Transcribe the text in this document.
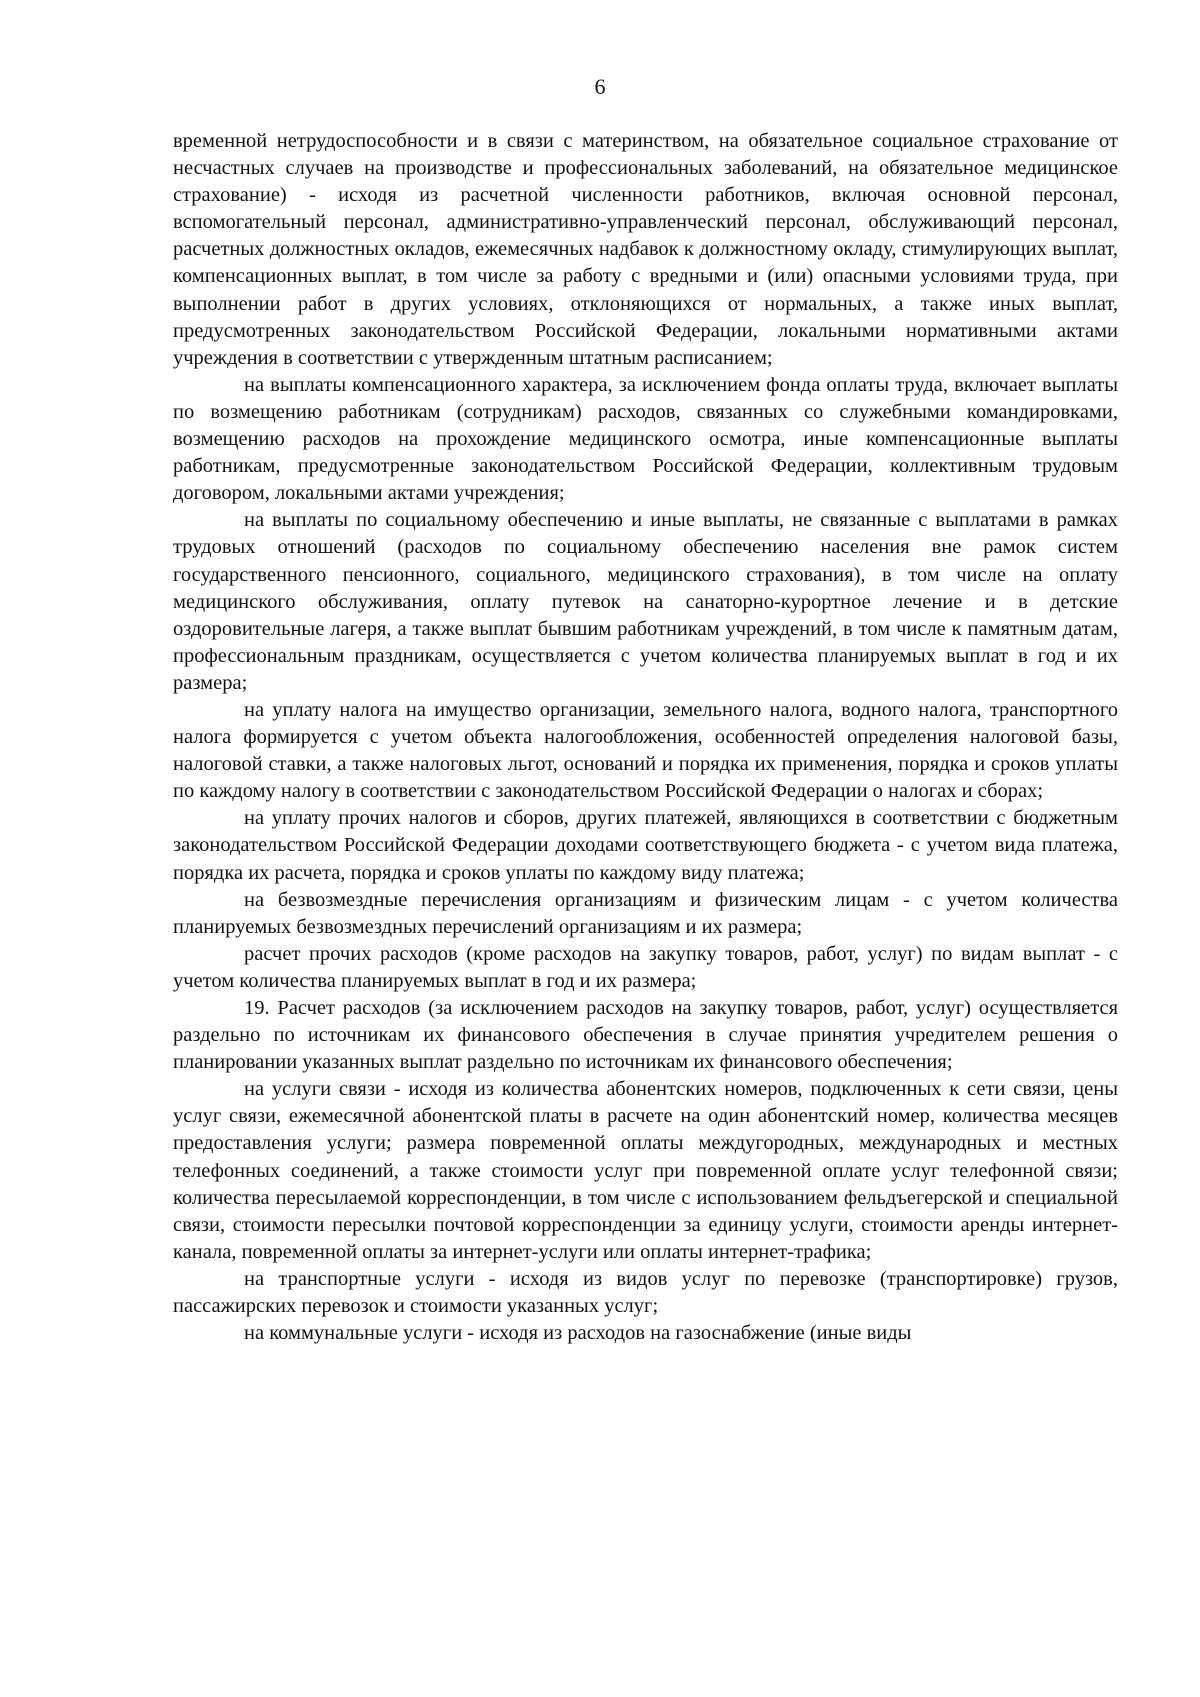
6

временной нетрудоспособности и в связи с материнством, на обязательное социальное страхование от несчастных случаев на производстве и профессиональных заболеваний, на обязательное медицинское страхование) - исходя из расчетной численности работников, включая основной персонал, вспомогательный персонал, административно-управленческий персонал, обслуживающий персонал, расчетных должностных окладов, ежемесячных надбавок к должностному окладу, стимулирующих выплат, компенсационных выплат, в том числе за работу с вредными и (или) опасными условиями труда, при выполнении работ в других условиях, отклоняющихся от нормальных, а также иных выплат, предусмотренных законодательством Российской Федерации, локальными нормативными актами учреждения в соответствии с утвержденным штатным расписанием;

на выплаты компенсационного характера, за исключением фонда оплаты труда, включает выплаты по возмещению работникам (сотрудникам) расходов, связанных со служебными командировками, возмещению расходов на прохождение медицинского осмотра, иные компенсационные выплаты работникам, предусмотренные законодательством Российской Федерации, коллективным трудовым договором, локальными актами учреждения;

на выплаты по социальному обеспечению и иные выплаты, не связанные с выплатами в рамках трудовых отношений (расходов по социальному обеспечению населения вне рамок систем государственного пенсионного, социального, медицинского страхования), в том числе на оплату медицинского обслуживания, оплату путевок на санаторно-курортное лечение и в детские оздоровительные лагеря, а также выплат бывшим работникам учреждений, в том числе к памятным датам, профессиональным праздникам, осуществляется с учетом количества планируемых выплат в год и их размера;

на уплату налога на имущество организации, земельного налога, водного налога, транспортного налога формируется с учетом объекта налогообложения, особенностей определения налоговой базы, налоговой ставки, а также налоговых льгот, оснований и порядка их применения, порядка и сроков уплаты по каждому налогу в соответствии с законодательством Российской Федерации о налогах и сборах;

на уплату прочих налогов и сборов, других платежей, являющихся в соответствии с бюджетным законодательством Российской Федерации доходами соответствующего бюджета - с учетом вида платежа, порядка их расчета, порядка и сроков уплаты по каждому виду платежа;

на безвозмездные перечисления организациям и физическим лицам - с учетом количества планируемых безвозмездных перечислений организациям и их размера;

расчет прочих расходов (кроме расходов на закупку товаров, работ, услуг) по видам выплат - с учетом количества планируемых выплат в год и их размера;

19. Расчет расходов (за исключением расходов на закупку товаров, работ, услуг) осуществляется раздельно по источникам их финансового обеспечения в случае принятия учредителем решения о планировании указанных выплат раздельно по источникам их финансового обеспечения;

на услуги связи - исходя из количества абонентских номеров, подключенных к сети связи, цены услуг связи, ежемесячной абонентской платы в расчете на один абонентский номер, количества месяцев предоставления услуги; размера повременной оплаты междугородных, международных и местных телефонных соединений, а также стоимости услуг при повременной оплате услуг телефонной связи; количества пересылаемой корреспонденции, в том числе с использованием фельдъегерской и специальной связи, стоимости пересылки почтовой корреспонденции за единицу услуги, стоимости аренды интернет-канала, повременной оплаты за интернет-услуги или оплаты интернет-трафика;

на транспортные услуги - исходя из видов услуг по перевозке (транспортировке) грузов, пассажирских перевозок и стоимости указанных услуг;

на коммунальные услуги - исходя из расходов на газоснабжение (иные виды
